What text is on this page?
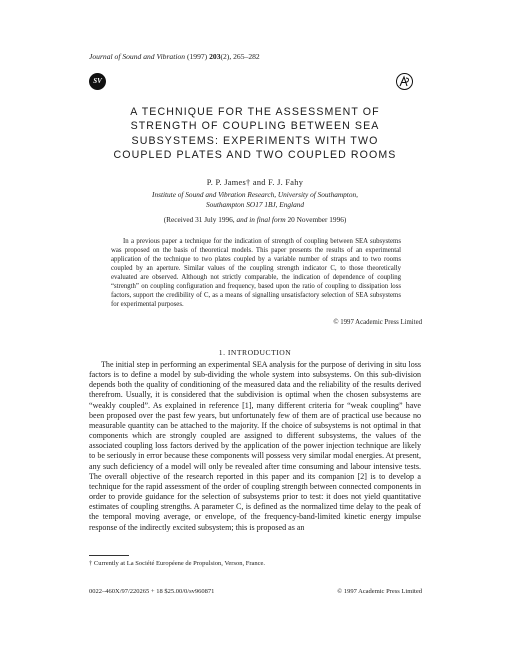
Journal of Sound and Vibration (1997) 203(2), 265–282
SV
A TECHNIQUE FOR THE ASSESSMENT OF
STRENGTH OF COUPLING BETWEEN SEA
SUBSYSTEMS: EXPERIMENTS WITH TWO
COUPLED PLATES AND TWO COUPLED ROOMS
P. P. James† and F. J. Fahy
Institute of Sound and Vibration Research, University of Southampton,
Southampton SO17 1BJ, England
(Received 31 July 1996, and in final form 20 November 1996)
In a previous paper a technique for the indication of strength of coupling between SEA subsystems was proposed on the basis of theoretical models. This paper presents the results of an experimental application of the technique to two plates coupled by a variable number of straps and to two rooms coupled by an aperture. Similar values of the coupling strength indicator C, to those theoretically evaluated are observed. Although not strictly comparable, the indication of dependence of coupling “strength” on coupling configuration and frequency, based upon the ratio of coupling to dissipation loss factors, support the credibility of C, as a means of signalling unsatisfactory selection of SEA subsystems for experimental purposes.
© 1997 Academic Press Limited
1. INTRODUCTION
The initial step in performing an experimental SEA analysis for the purpose of deriving in situ loss factors is to define a model by sub-dividing the whole system into subsystems. On this sub-division depends both the quality of conditioning of the measured data and the reliability of the results derived therefrom. Usually, it is considered that the subdivision is optimal when the chosen subsystems are “weakly coupled”. As explained in reference [1], many different criteria for “weak coupling” have been proposed over the past few years, but unfortunately few of them are of practical use because no measurable quantity can be attached to the majority. If the choice of subsystems is not optimal in that components which are strongly coupled are assigned to different subsystems, the values of the associated coupling loss factors derived by the application of the power injection technique are likely to be seriously in error because these components will possess very similar modal energies. At present, any such deficiency of a model will only be revealed after time consuming and labour intensive tests. The overall objective of the research reported in this paper and its companion [2] is to develop a technique for the rapid assessment of the order of coupling strength between connected components in order to provide guidance for the selection of subsystems prior to test: it does not yield quantitative estimates of coupling strengths. A parameter C, is defined as the normalized time delay to the peak of the temporal moving average, or envelope, of the frequency-band-limited kinetic energy impulse response of the indirectly excited subsystem; this is proposed as an
† Currently at La Société Européene de Propulsion, Verson, France.
0022–460X/97/220265 + 18 $25.00/0/sv960871	© 1997 Academic Press Limited
